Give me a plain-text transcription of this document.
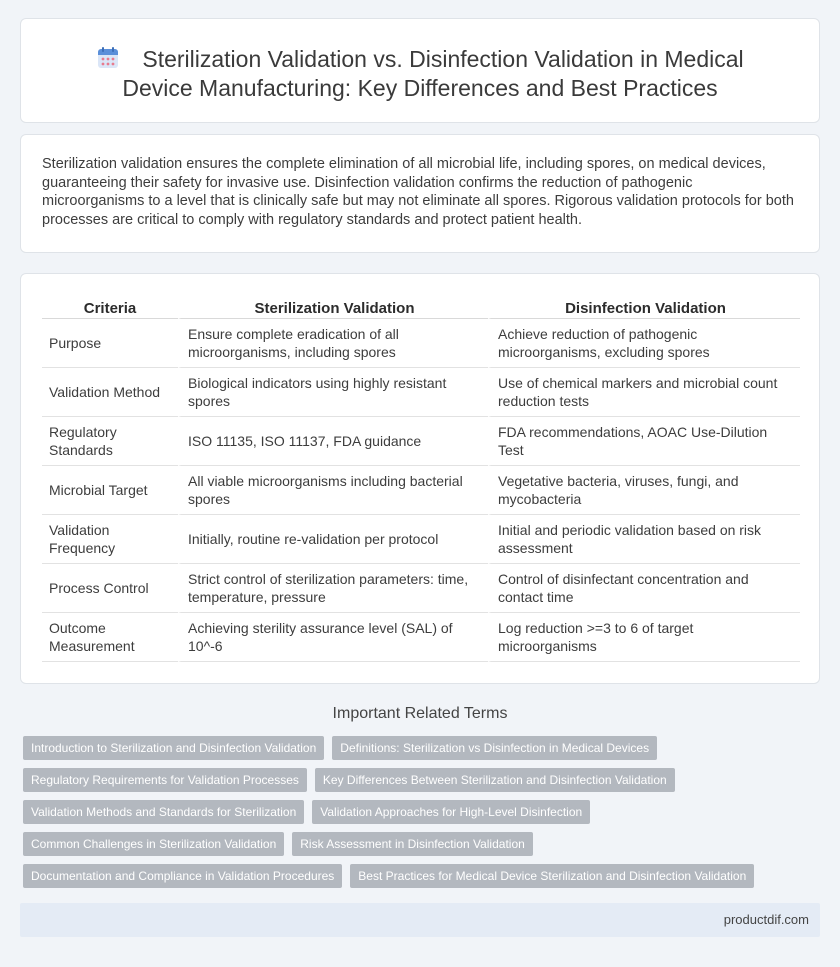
Sterilization Validation vs. Disinfection Validation in Medical Device Manufacturing: Key Differences and Best Practices

Sterilization validation ensures the complete elimination of all microbial life, including spores, on medical devices, guaranteeing their safety for invasive use. Disinfection validation confirms the reduction of pathogenic microorganisms to a level that is clinically safe but may not eliminate all spores. Rigorous validation protocols for both processes are critical to comply with regulatory standards and protect patient health.

Criteria	Sterilization Validation	Disinfection Validation
Purpose	Ensure complete eradication of all microorganisms, including spores	Achieve reduction of pathogenic microorganisms, excluding spores
Validation Method	Biological indicators using highly resistant spores	Use of chemical markers and microbial count reduction tests
Regulatory Standards	ISO 11135, ISO 11137, FDA guidance	FDA recommendations, AOAC Use-Dilution Test
Microbial Target	All viable microorganisms including bacterial spores	Vegetative bacteria, viruses, fungi, and mycobacteria
Validation Frequency	Initially, routine re-validation per protocol	Initial and periodic validation based on risk assessment
Process Control	Strict control of sterilization parameters: time, temperature, pressure	Control of disinfectant concentration and contact time
Outcome Measurement	Achieving sterility assurance level (SAL) of 10^-6	Log reduction >=3 to 6 of target microorganisms
Important Related Terms
Introduction to Sterilization and Disinfection Validation Definitions: Sterilization vs Disinfection in Medical Devices
Regulatory Requirements for Validation Processes Key Differences Between Sterilization and Disinfection Validation
Validation Methods and Standards for Sterilization Validation Approaches for High-Level Disinfection
Common Challenges in Sterilization Validation Risk Assessment in Disinfection Validation
Documentation and Compliance in Validation Procedures Best Practices for Medical Device Sterilization and Disinfection Validation
productdif.com
